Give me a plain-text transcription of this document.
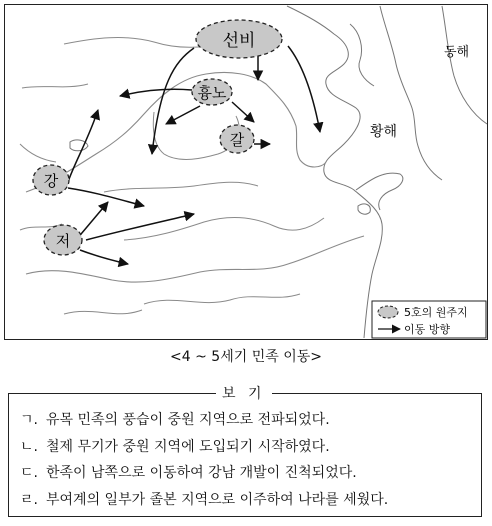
선비
흉노
갈
강
저
동해
황해
5호의 원주지
이동 방향
<4 ~ 5세기 민족 이동>
보 기
ㄱ. 유목 민족의 풍습이 중원 지역으로 전파되었다.
ㄴ. 철제 무기가 중원 지역에 도입되기 시작하였다.
ㄷ. 한족이 남쪽으로 이동하여 강남 개발이 진척되었다.
ㄹ. 부여계의 일부가 졸본 지역으로 이주하여 나라를 세웠다.
